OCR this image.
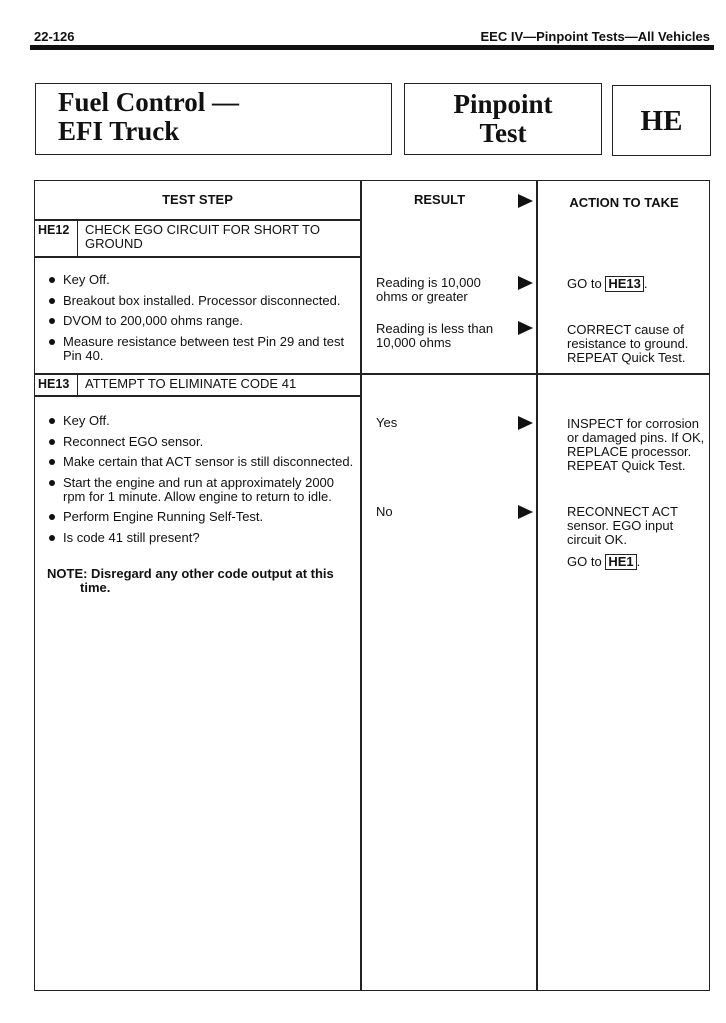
22-126	EEC IV—Pinpoint Tests—All Vehicles
Fuel Control —
EFI Truck
Pinpoint
Test	HE
TEST STEP	RESULT	ACTION TO TAKE
HE12	CHECK EGO CIRCUIT FOR SHORT TO GROUND
Key Off.
Breakout box installed. Processor disconnected.
DVOM to 200,000 ohms range.
Measure resistance between test Pin 29 and test Pin 40.
Reading is 10,000 ohms or greater
GO to HE13 .
Reading is less than 10,000 ohms
CORRECT cause of resistance to ground. REPEAT Quick Test.
HE13	ATTEMPT TO ELIMINATE CODE 41
Key Off.
Reconnect EGO sensor.
Make certain that ACT sensor is still disconnected.
Start the engine and run at approximately 2000 rpm for 1 minute. Allow engine to return to idle.
Perform Engine Running Self-Test.
Is code 41 still present?
NOTE: Disregard any other code output at this time.
Yes	INSPECT for corrosion or damaged pins. If OK, REPLACE processor. REPEAT Quick Test.
No	RECONNECT ACT sensor. EGO input circuit OK.
GO to HE1 .
